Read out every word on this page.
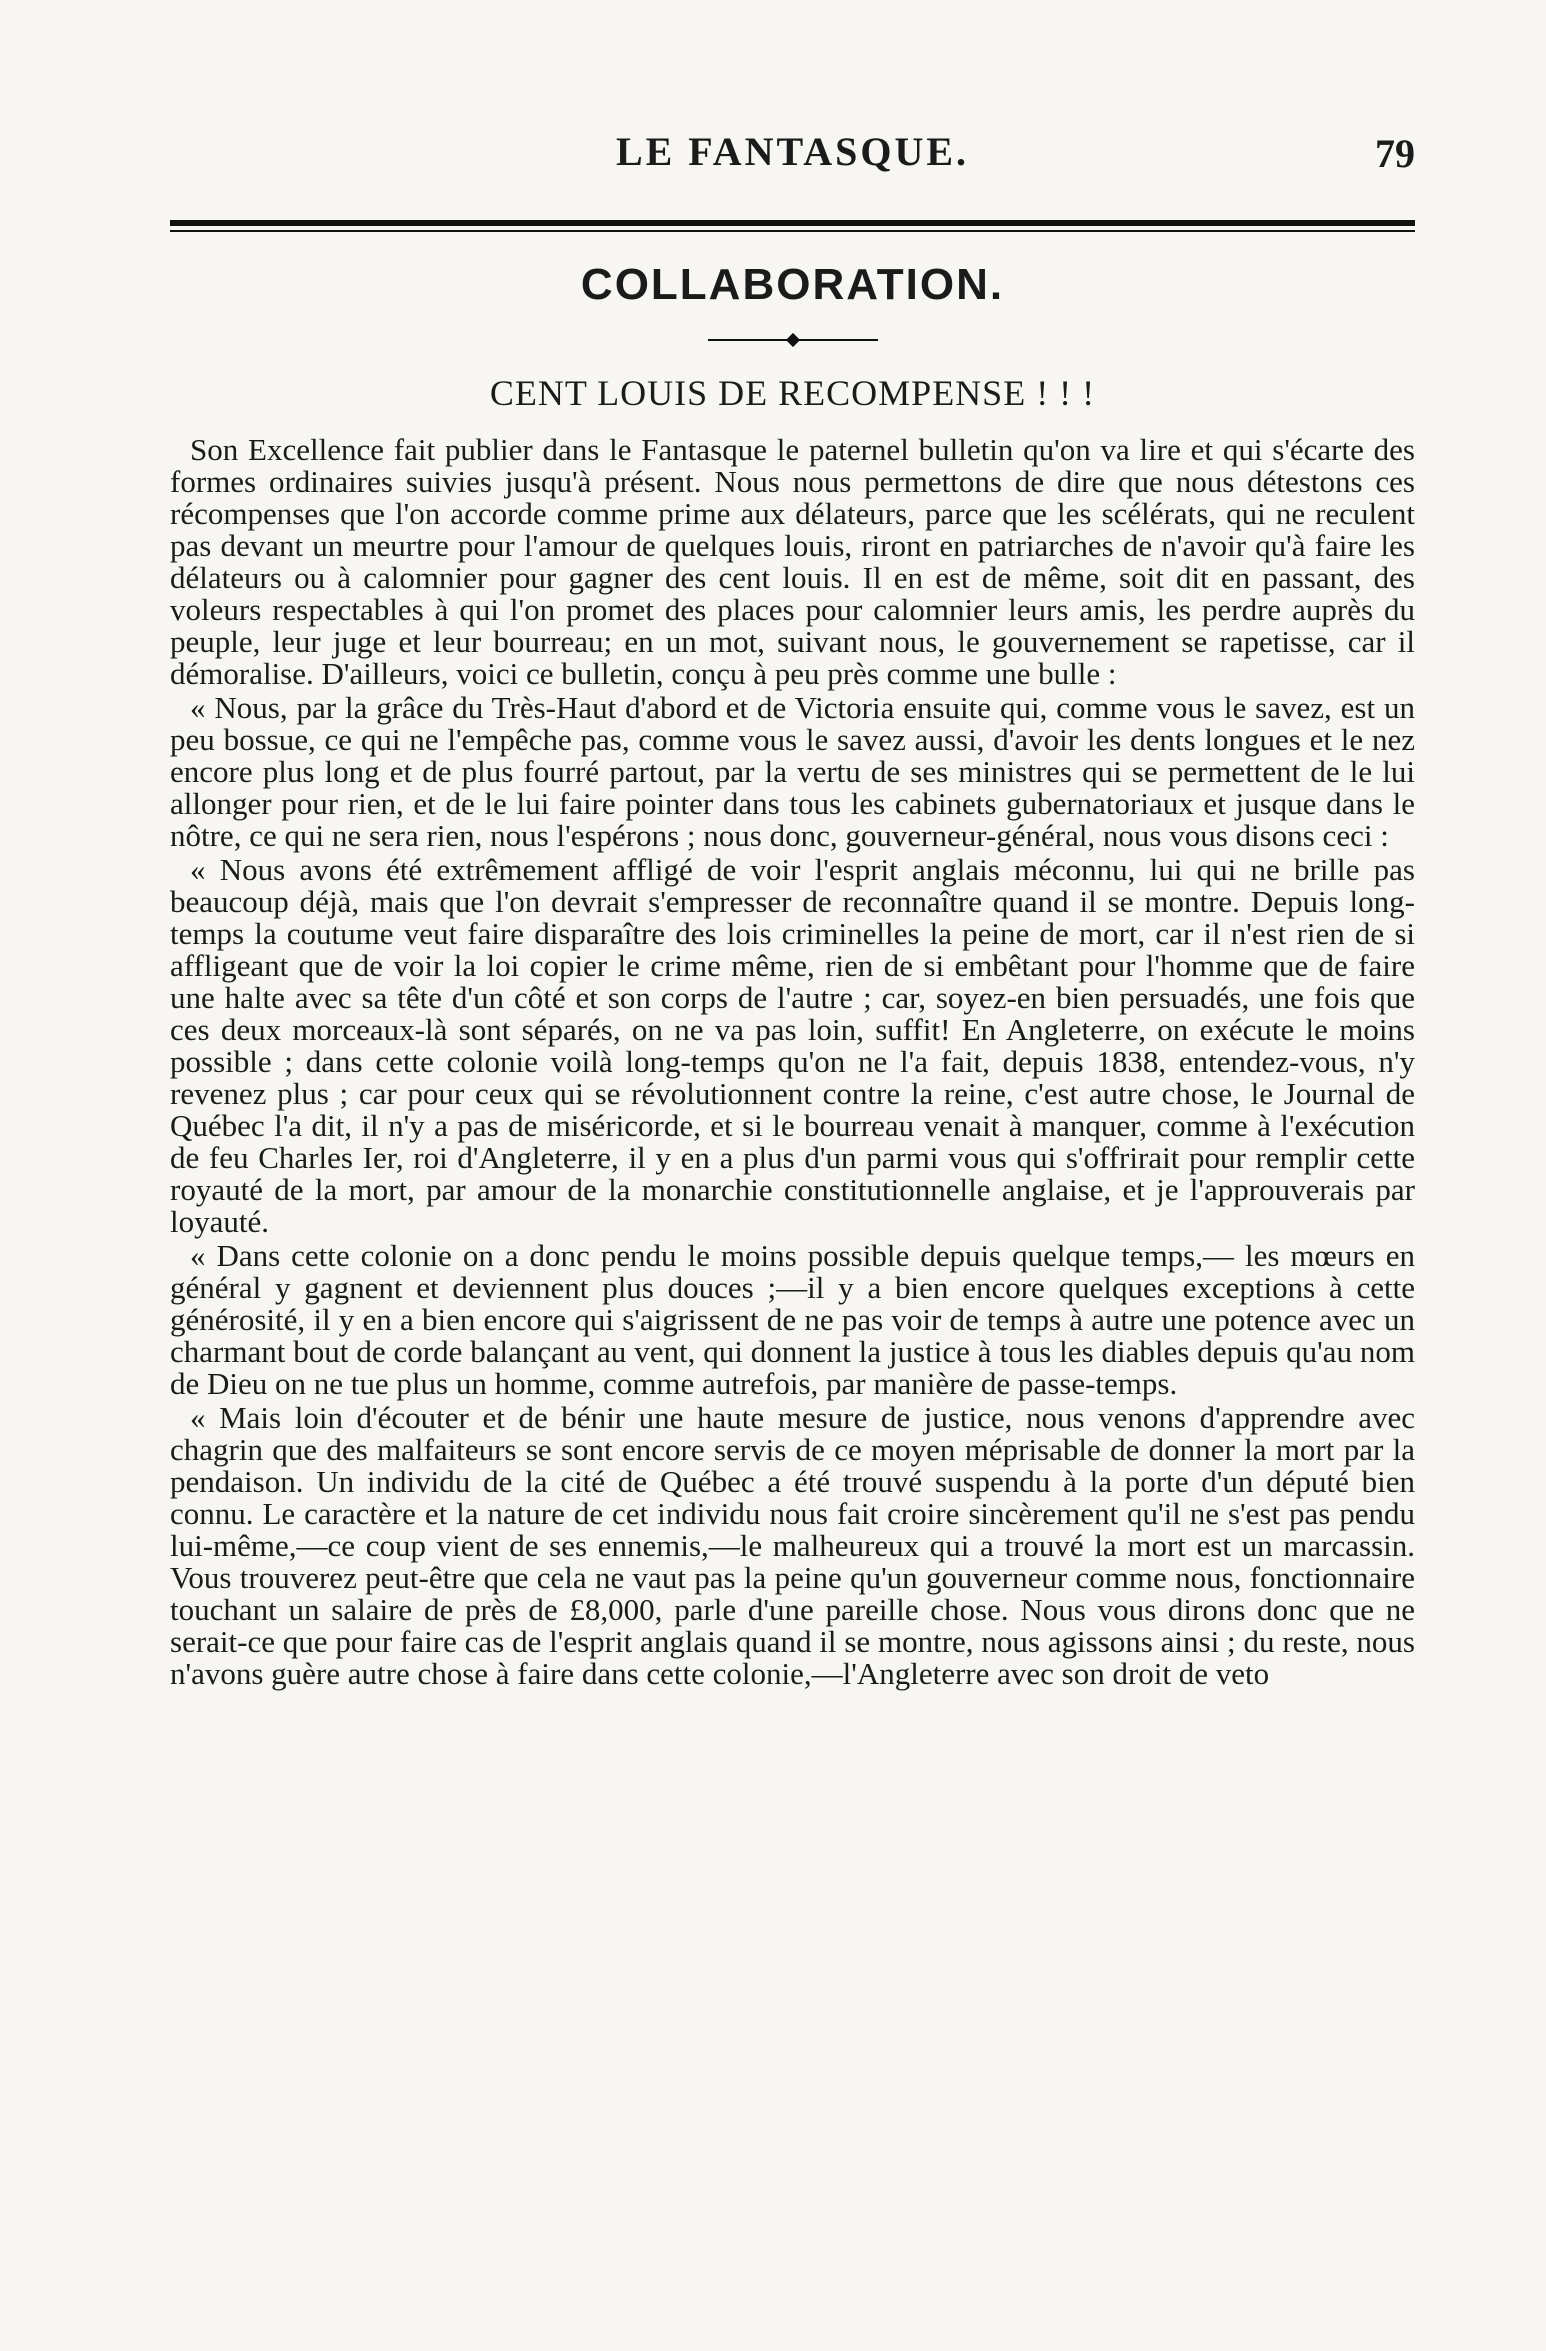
LE FANTASQUE.	79
COLLABORATION.
CENT LOUIS DE RECOMPENSE ! ! !

Son Excellence fait publier dans le Fantasque le paternel bulletin qu'on va lire et qui s'écarte des formes ordinaires suivies jusqu'à présent. Nous nous permettons de dire que nous détestons ces récompenses que l'on accorde comme prime aux délateurs, parce que les scélérats, qui ne reculent pas devant un meurtre pour l'amour de quelques louis, riront en patriarches de n'avoir qu'à faire les délateurs ou à calomnier pour gagner des cent louis. Il en est de même, soit dit en passant, des voleurs respectables à qui l'on promet des places pour calomnier leurs amis, les perdre auprès du peuple, leur juge et leur bourreau; en un mot, suivant nous, le gouvernement se rapetisse, car il démoralise. D'ailleurs, voici ce bulletin, conçu à peu près comme une bulle :

« Nous, par la grâce du Très-Haut d'abord et de Victoria ensuite qui, comme vous le savez, est un peu bossue, ce qui ne l'empêche pas, comme vous le savez aussi, d'avoir les dents longues et le nez encore plus long et de plus fourré partout, par la vertu de ses ministres qui se permettent de le lui allonger pour rien, et de le lui faire pointer dans tous les cabinets gubernatoriaux et jusque dans le nôtre, ce qui ne sera rien, nous l'espérons ; nous donc, gouverneur-général, nous vous disons ceci :

« Nous avons été extrêmement affligé de voir l'esprit anglais méconnu, lui qui ne brille pas beaucoup déjà, mais que l'on devrait s'empresser de reconnaître quand il se montre. Depuis long-temps la coutume veut faire disparaître des lois criminelles la peine de mort, car il n'est rien de si affligeant que de voir la loi copier le crime même, rien de si embêtant pour l'homme que de faire une halte avec sa tête d'un côté et son corps de l'autre ; car, soyez-en bien persuadés, une fois que ces deux morceaux-là sont séparés, on ne va pas loin, suffit! En Angleterre, on exécute le moins possible ; dans cette colonie voilà long-temps qu'on ne l'a fait, depuis 1838, entendez-vous, n'y revenez plus ; car pour ceux qui se révolutionnent contre la reine, c'est autre chose, le Journal de Québec l'a dit, il n'y a pas de miséricorde, et si le bourreau venait à manquer, comme à l'exécution de feu Charles Ier, roi d'Angleterre, il y en a plus d'un parmi vous qui s'offrirait pour remplir cette royauté de la mort, par amour de la monarchie constitutionnelle anglaise, et je l'approuverais par loyauté.

« Dans cette colonie on a donc pendu le moins possible depuis quelque temps,— les mœurs en général y gagnent et deviennent plus douces ;—il y a bien encore quelques exceptions à cette générosité, il y en a bien encore qui s'aigrissent de ne pas voir de temps à autre une potence avec un charmant bout de corde balançant au vent, qui donnent la justice à tous les diables depuis qu'au nom de Dieu on ne tue plus un homme, comme autrefois, par manière de passe-temps.

« Mais loin d'écouter et de bénir une haute mesure de justice, nous venons d'apprendre avec chagrin que des malfaiteurs se sont encore servis de ce moyen méprisable de donner la mort par la pendaison. Un individu de la cité de Québec a été trouvé suspendu à la porte d'un député bien connu. Le caractère et la nature de cet individu nous fait croire sincèrement qu'il ne s'est pas pendu lui-même,—ce coup vient de ses ennemis,—le malheureux qui a trouvé la mort est un marcassin. Vous trouverez peut-être que cela ne vaut pas la peine qu'un gouverneur comme nous, fonctionnaire touchant un salaire de près de £8,000, parle d'une pareille chose. Nous vous dirons donc que ne serait-ce que pour faire cas de l'esprit anglais quand il se montre, nous agissons ainsi ; du reste, nous n'avons guère autre chose à faire dans cette colonie,—l'Angleterre avec son droit de veto
